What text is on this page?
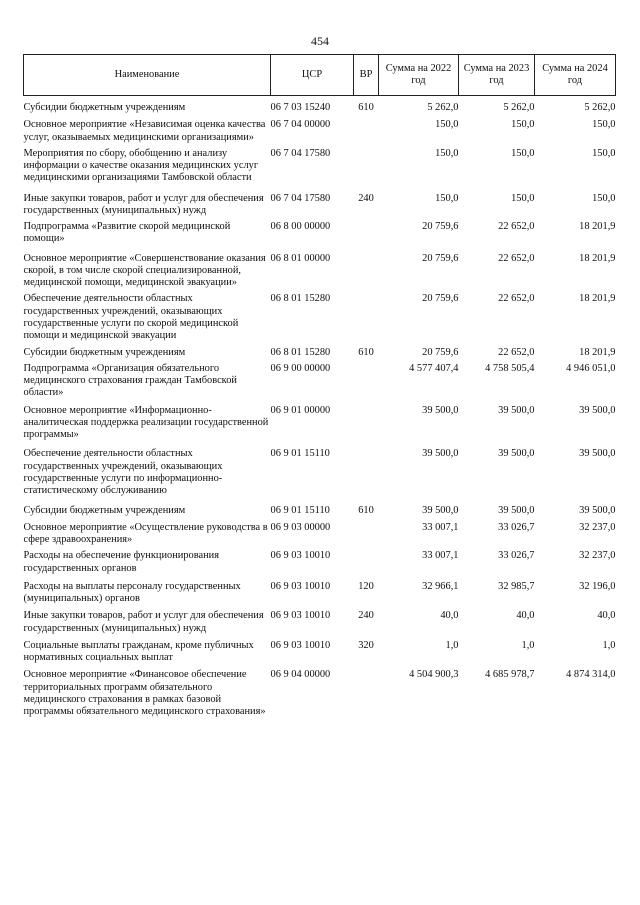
454
Наименование	ЦСР	ВР	Сумма на 2022 год	Сумма на 2023 год	Сумма на 2024 год

Субсидии бюджетным учреждениям	06 7 03 15240	610	5 262,0	5 262,0	5 262,0
Основное мероприятие «Независимая оценка качества услуг, оказываемых медицинскими организациями»	06 7 04 00000		150,0	150,0	150,0
Мероприятия по сбору, обобщению и анализу информации о качестве оказания медицинских услуг медицинскими организациями Тамбовской области	06 7 04 17580		150,0	150,0	150,0
Иные закупки товаров, работ и услуг для обеспечения государственных (муниципальных) нужд	06 7 04 17580	240	150,0	150,0	150,0
Подпрограмма «Развитие скорой медицинской помощи»	06 8 00 00000		20 759,6	22 652,0	18 201,9
Основное мероприятие «Совершенствование оказания скорой, в том числе скорой специализированной, медицинской помощи, медицинской эвакуации»	06 8 01 00000		20 759,6	22 652,0	18 201,9
Обеспечение деятельности областных государственных учреждений, оказывающих государственные услуги по скорой медицинской помощи и медицинской эвакуации	06 8 01 15280		20 759,6	22 652,0	18 201,9
Субсидии бюджетным учреждениям	06 8 01 15280	610	20 759,6	22 652,0	18 201,9
Подпрограмма «Организация обязательного медицинского страхования граждан Тамбовской области»	06 9 00 00000		4 577 407,4	4 758 505,4	4 946 051,0
Основное мероприятие «Информационно-аналитическая поддержка реализации государственной программы»	06 9 01 00000		39 500,0	39 500,0	39 500,0
Обеспечение деятельности областных государственных учреждений, оказывающих государственные услуги по информационно-статистическому обслуживанию	06 9 01 15110		39 500,0	39 500,0	39 500,0
Субсидии бюджетным учреждениям	06 9 01 15110	610	39 500,0	39 500,0	39 500,0
Основное мероприятие «Осуществление руководства в сфере здравоохранения»	06 9 03 00000		33 007,1	33 026,7	32 237,0
Расходы на обеспечение функционирования государственных органов	06 9 03 10010		33 007,1	33 026,7	32 237,0
Расходы на выплаты персоналу государственных (муниципальных) органов	06 9 03 10010	120	32 966,1	32 985,7	32 196,0
Иные закупки товаров, работ и услуг для обеспечения государственных (муниципальных) нужд	06 9 03 10010	240	40,0	40,0	40,0
Социальные выплаты гражданам, кроме публичных нормативных социальных выплат	06 9 03 10010	320	1,0	1,0	1,0
Основное мероприятие «Финансовое обеспечение территориальных программ обязательного медицинского страхования в рамках базовой программы обязательного медицинского страхования»	06 9 04 00000		4 504 900,3	4 685 978,7	4 874 314,0
